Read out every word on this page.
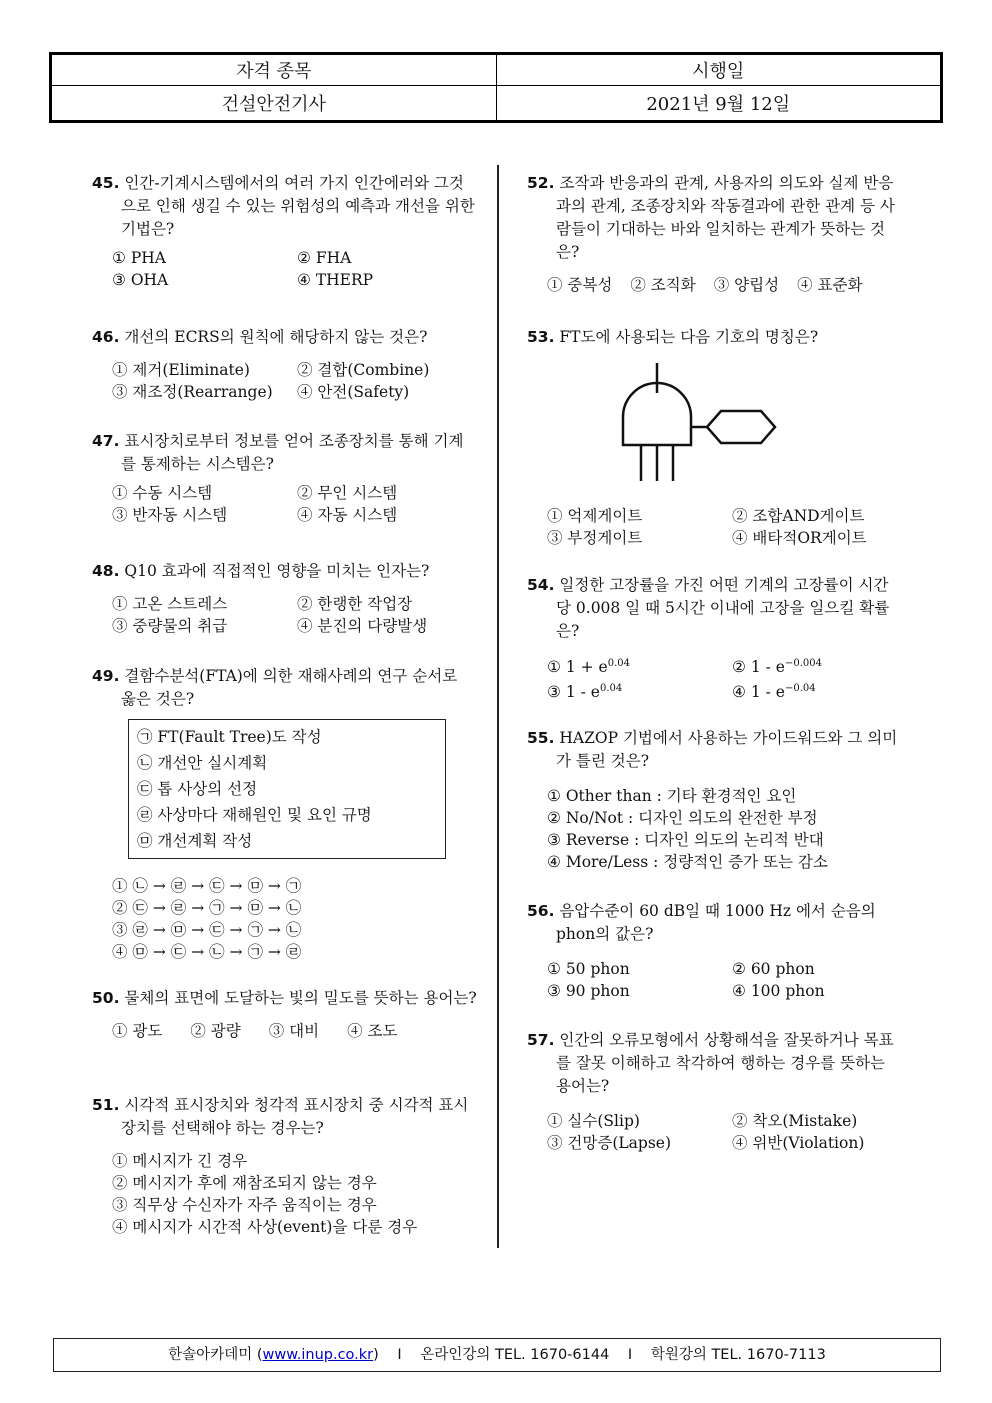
자격 종목	시행일
건설안전기사	2021년 9월 12일
45. 인간-기계시스템에서의 여러 가지 인간에러와 그것으로 인해 생길 수 있는 위험성의 예측과 개선을 위한 기법은?
① PHA	② FHA
③ OHA	④ THERP
46. 개선의 ECRS의 원칙에 해당하지 않는 것은?
① 제거(Eliminate)	② 결합(Combine)
③ 재조정(Rearrange)	④ 안전(Safety)
47. 표시장치로부터 정보를 얻어 조종장치를 통해 기계를 통제하는 시스템은?
① 수동 시스템	② 무인 시스템
③ 반자동 시스템	④ 자동 시스템
48. Q10 효과에 직접적인 영향을 미치는 인자는?
① 고온 스트레스	② 한랭한 작업장
③ 중량물의 취급	④ 분진의 다량발생
49. 결함수분석(FTA)에 의한 재해사례의 연구 순서로 옳은 것은?
㉠ FT(Fault Tree)도 작성
㉡ 개선안 실시계획
㉢ 톱 사상의 선정
㉣ 사상마다 재해원인 및 요인 규명
㉤ 개선계획 작성
① ㉡ → ㉣ → ㉢ → ㉤ → ㉠
② ㉢ → ㉣ → ㉠ → ㉤ → ㉡
③ ㉣ → ㉤ → ㉢ → ㉠ → ㉡
④ ㉤ → ㉢ → ㉡ → ㉠ → ㉣
50. 물체의 표면에 도달하는 빛의 밀도를 뜻하는 용어는?
① 광도 ② 광량 ③ 대비 ④ 조도
51. 시각적 표시장치와 청각적 표시장치 중 시각적 표시장치를 선택해야 하는 경우는?
① 메시지가 긴 경우
② 메시지가 후에 재참조되지 않는 경우
③ 직무상 수신자가 자주 움직이는 경우
④ 메시지가 시간적 사상(event)을 다룬 경우
52. 조작과 반응과의 관계, 사용자의 의도와 실제 반응과의 관계, 조종장치와 작동결과에 관한 관계 등 사람들이 기대하는 바와 일치하는 관계가 뜻하는 것은?
① 중복성 ② 조직화 ③ 양립성 ④ 표준화
53. FT도에 사용되는 다음 기호의 명칭은?
① 억제게이트	② 조합AND게이트
③ 부정게이트	④ 배타적OR게이트
54. 일정한 고장률을 가진 어떤 기계의 고장률이 시간당 0.008 일 때 5시간 이내에 고장을 일으킬 확률은?
① $1 + e^{0.04}$	② $1 - e^{-0.004}$
③ $1 - e^{0.04}$	④ $1 - e^{-0.04}$
55. HAZOP 기법에서 사용하는 가이드워드와 그 의미가 틀린 것은?
① Other than : 기타 환경적인 요인
② No/Not : 디자인 의도의 완전한 부정
③ Reverse : 디자인 의도의 논리적 반대
④ More/Less : 정량적인 증가 또는 감소
56. 음압수준이 60 dB일 때 1000 Hz 에서 순음의 phon의 값은?
① 50 phon	② 60 phon
③ 90 phon	④ 100 phon
57. 인간의 오류모형에서 상황해석을 잘못하거나 목표를 잘못 이해하고 착각하여 행하는 경우를 뜻하는 용어는?
① 실수(Slip)	② 착오(Mistake)
③ 건망증(Lapse)	④ 위반(Violation)
한솔아카데미 (www.inup.co.kr) I 온라인강의 TEL. 1670-6144 I 학원강의 TEL. 1670-7113
